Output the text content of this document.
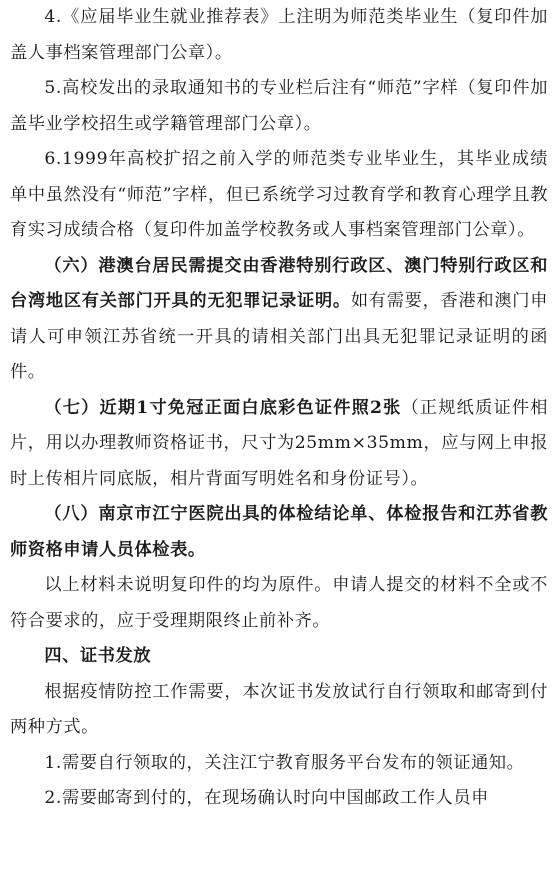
4.《应届毕业生就业推荐表》上注明为师范类毕业生（复印件加盖人事档案管理部门公章）。

5.高校发出的录取通知书的专业栏后注有“师范”字样（复印件加盖毕业学校招生或学籍管理部门公章）。

6.1999年高校扩招之前入学的师范类专业毕业生，其毕业成绩单中虽然没有“师范”字样，但已系统学习过教育学和教育心理学且教育实习成绩合格（复印件加盖学校教务或人事档案管理部门公章）。

（六）港澳台居民需提交由香港特别行政区、澳门特别行政区和台湾地区有关部门开具的无犯罪记录证明。如有需要，香港和澳门申请人可申领江苏省统一开具的请相关部门出具无犯罪记录证明的函件。

（七）近期1寸免冠正面白底彩色证件照2张（正规纸质证件相片，用以办理教师资格证书，尺寸为25mm×35mm，应与网上申报时上传相片同底版，相片背面写明姓名和身份证号）。

（八）南京市江宁医院出具的体检结论单、体检报告和江苏省教师资格申请人员体检表。

以上材料未说明复印件的均为原件。申请人提交的材料不全或不符合要求的，应于受理期限终止前补齐。

四、证书发放

根据疫情防控工作需要，本次证书发放试行自行领取和邮寄到付两种方式。

1.需要自行领取的，关注江宁教育服务平台发布的领证通知。

2.需要邮寄到付的，在现场确认时向中国邮政工作人员申
